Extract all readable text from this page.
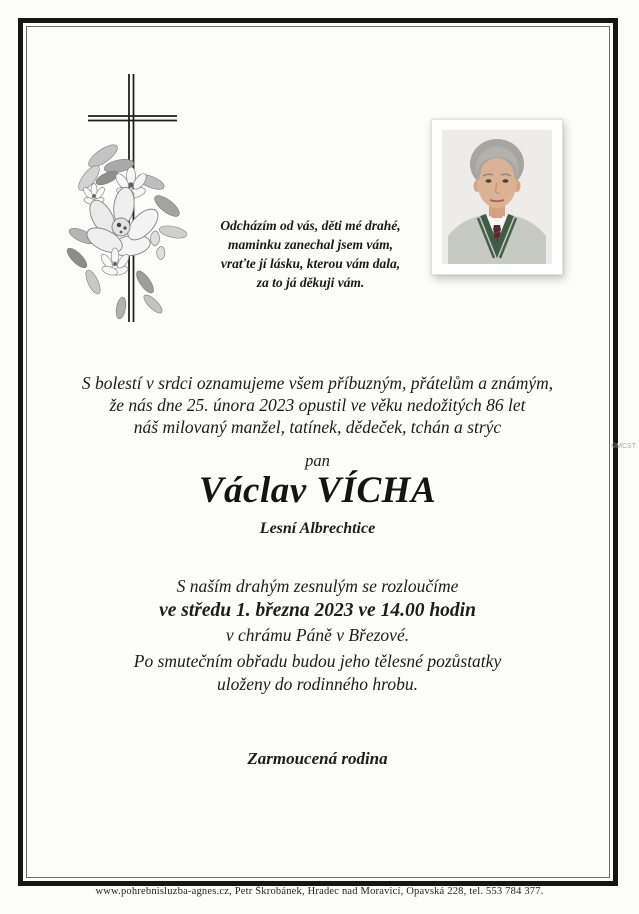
Odcházím od vás, děti mé drahé,
maminku zanechal jsem vám,
vraťte jí lásku, kterou vám dala,
za to já děkuji vám.
S bolestí v srdci oznamujeme všem příbuzným, přátelům a známým,
že nás dne 25. února 2023 opustil ve věku nedožitých 86 let
náš milovaný manžel, tatínek, dědeček, tchán a strýc
pan
Václav VÍCHA
Lesní Albrechtice
S naším drahým zesnulým se rozloučíme
ve středu 1. března 2023 ve 14.00 hodin
v chrámu Páně v Březové.
Po smutečním obřadu budou jeho tělesné pozůstatky
uloženy do rodinného hrobu.
Zarmoucená rodina
©MCST
www.pohrebnisluzba-agnes.cz, Petr Škrobánek, Hradec nad Moravicí, Opavská 228, tel. 553 784 377.
